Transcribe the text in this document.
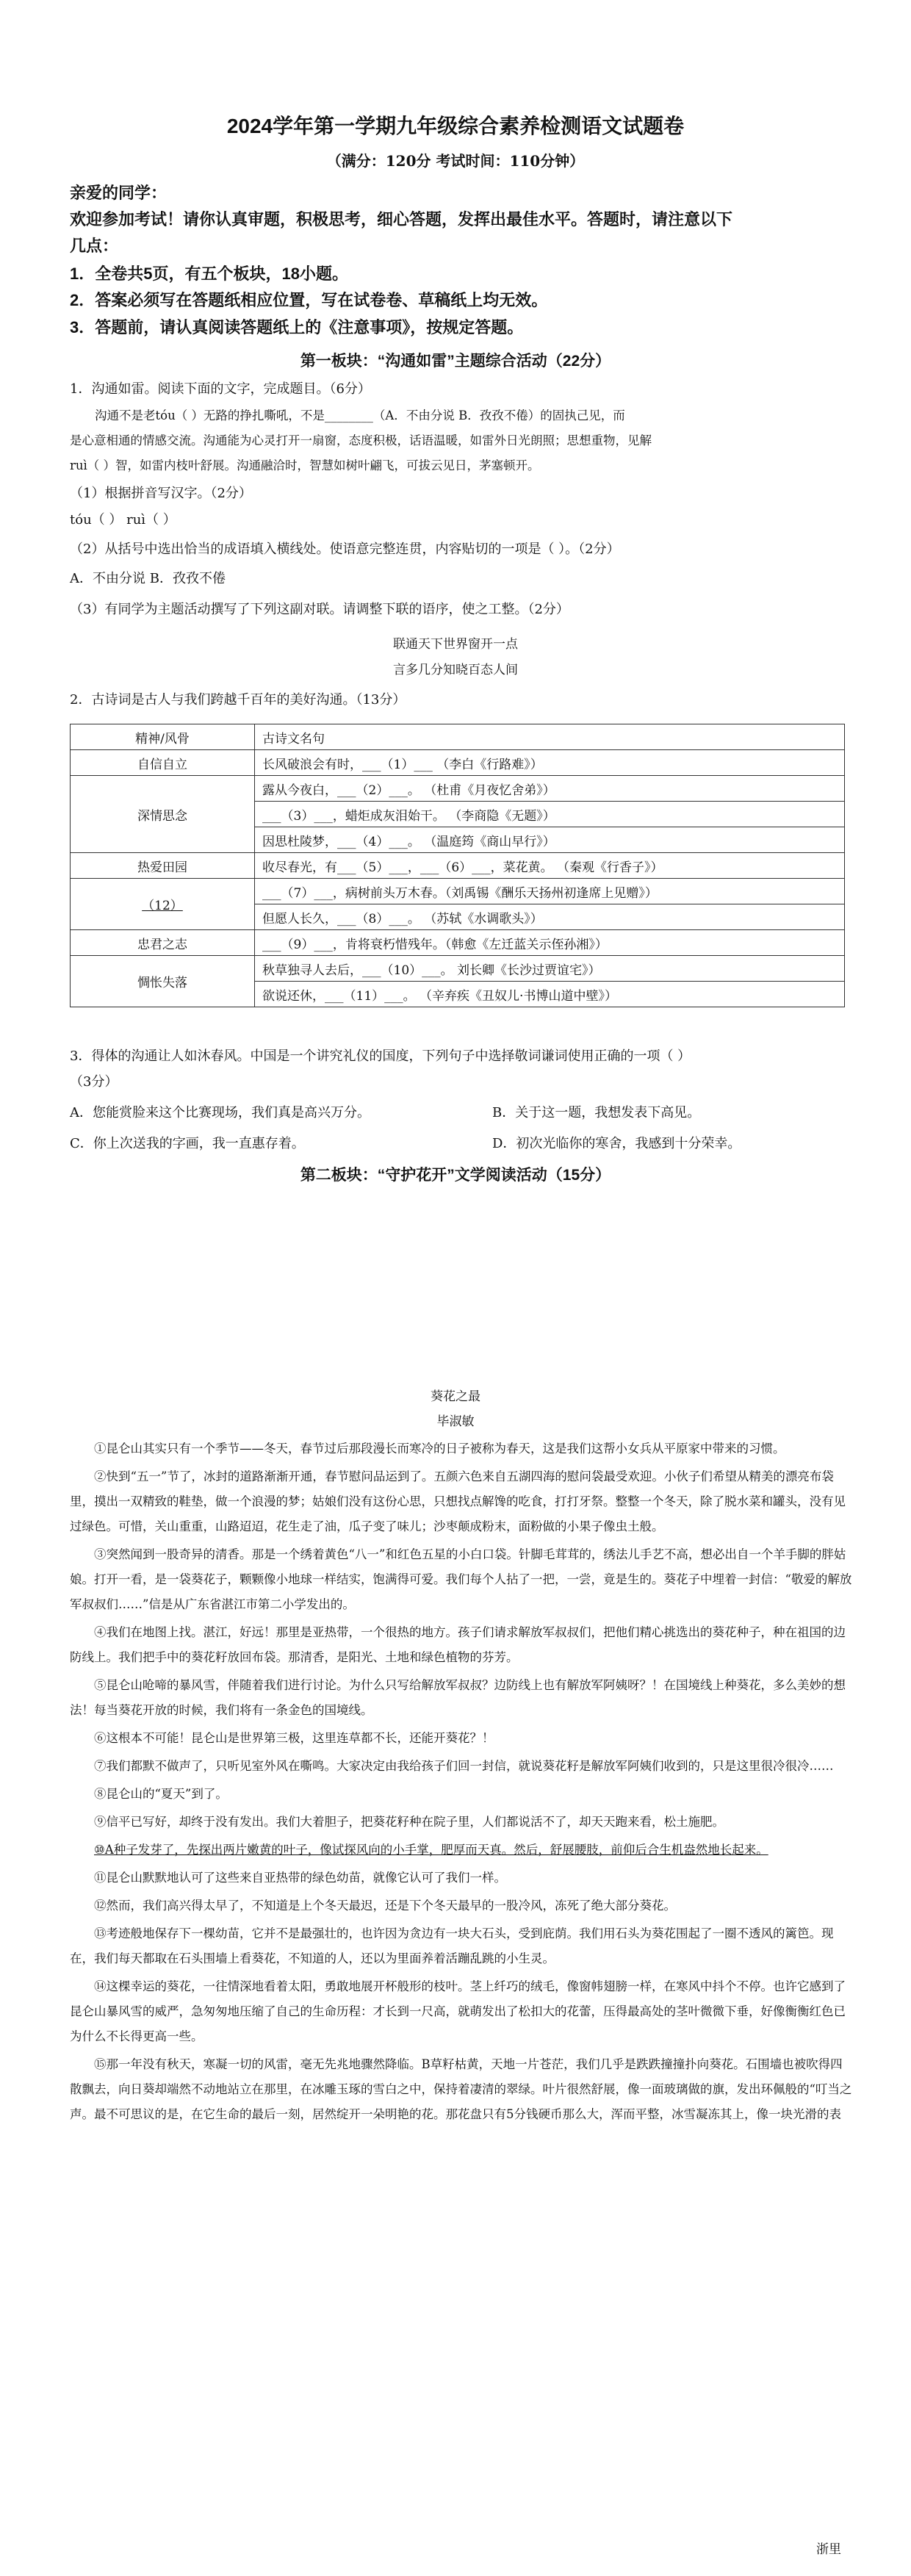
2024学年第一学期九年级综合素养检测语文试题卷
（满分：120分 考试时间：110分钟）
亲爱的同学：
欢迎参加考试！请你认真审题，积极思考，细心答题，发挥出最佳水平。答题时，请注意以下
几点：
1．全卷共5页，有五个板块，18小题。
2．答案必须写在答题纸相应位置，写在试卷卷、草稿纸上均无效。
3．答题前，请认真阅读答题纸上的《注意事项》，按规定答题。
第一板块：“沟通如雷”主题综合活动（22分）
1．沟通如雷。阅读下面的文字，完成题目。（6分）
沟通不是老tóu（ ）无路的挣扎嘶吼，不是________（A．不由分说 B．孜孜不倦）的固执己见，而
是心意相通的情感交流。沟通能为心灵打开一扇窗，态度积极，话语温暖，如雷外日光朗照；思想重物，见解
ruì（ ）智，如雷内枝叶舒展。沟通融洽时，智慧如树叶翩飞，可拔云见日，茅塞顿开。
（1）根据拼音写汉字。（2分）
tóu（ ） ruì（ ）
（2）从括号中选出恰当的成语填入横线处。使语意完整连贯，内容贴切的一项是（ ）。（2分）
A．不由分说 B．孜孜不倦
（3）有同学为主题活动撰写了下列这副对联。请调整下联的语序，使之工整。（2分）
联通天下世界窗开一点
言多几分知晓百态人间
2．古诗词是古人与我们跨越千百年的美好沟通。（13分）
精神/风骨	古诗文名句
自信自立	长风破浪会有时，___（1）___ （李白《行路难》）
深情思念	露从今夜白，___（2）___。 （杜甫《月夜忆舍弟》）
	___（3）___，蜡炬成灰泪始干。 （李商隐《无题》）
	因思杜陵梦，___（4）___。 （温庭筠《商山早行》）
热爱田园	收尽春光，有___（5）___，___（6）___，菜花黄。 （秦观《行香子》）
（12）	___（7）___，病树前头万木春。（刘禹锡《酬乐天扬州初逢席上见赠》）
	但愿人长久，___（8）___。 （苏轼《水调歌头》）
忠君之志	___（9）___，肯将衰朽惜残年。（韩愈《左迁蓝关示侄孙湘》）
惆怅失落	秋草独寻人去后，___（10）___。 刘长卿《长沙过贾谊宅》）
	欲说还休，___（11）___。 （辛弃疾《丑奴儿·书博山道中壁》）
3．得体的沟通让人如沐春风。中国是一个讲究礼仪的国度，下列句子中选择敬词谦词使用正确的一项（ ）
（3分）
A．您能赏脸来这个比赛现场，我们真是高兴万分。	B．关于这一题，我想发表下高见。
C．你上次送我的字画，我一直惠存着。	D．初次光临你的寒舍，我感到十分荣幸。
第二板块：“守护花开”文学阅读活动（15分）
葵花之最
毕淑敏

①昆仑山其实只有一个季节——冬天，春节过后那段漫长而寒冷的日子被称为春天，这是我们这帮小女兵从平原家中带来的习惯。

②快到“五一”节了，冰封的道路渐渐开通，春节慰问品运到了。五颜六色来自五湖四海的慰问袋最受欢迎。小伙子们希望从精美的漂亮布袋里，摸出一双精致的鞋垫，做一个浪漫的梦；姑娘们没有这份心思，只想找点解馋的吃食，打打牙祭。整整一个冬天，除了脱水菜和罐头，没有见过绿色。可惜，关山重重，山路迢迢，花生走了油，瓜子变了味儿；沙枣颠成粉末，面粉做的小果子像虫土般。

③突然闻到一股奇异的清香。那是一个绣着黄色“八一”和红色五星的小白口袋。针脚毛茸茸的，绣法儿手艺不高，想必出自一个羊手脚的胖姑娘。打开一看，是一袋葵花子，颗颗像小地球一样结实，饱满得可爱。我们每个人拈了一把，一尝，竟是生的。葵花子中埋着一封信：“敬爱的解放军叔叔们……”信是从广东省湛江市第二小学发出的。

④我们在地图上找。湛江，好远！那里是亚热带，一个很热的地方。孩子们请求解放军叔叔们，把他们精心挑选出的葵花种子，种在祖国的边防线上。我们把手中的葵花籽放回布袋。那清香，是阳光、土地和绿色植物的芬芳。

⑤昆仑山呛啼的暴风雪，伴随着我们进行讨论。为什么只写给解放军叔叔？边防线上也有解放军阿姨呀？！在国境线上种葵花，多么美妙的想法！每当葵花开放的时候，我们将有一条金色的国境线。

⑥这根本不可能！昆仑山是世界第三极，这里连草都不长，还能开葵花？！

⑦我们都默不做声了，只听见室外风在嘶鸣。大家决定由我给孩子们回一封信，就说葵花籽是解放军阿姨们收到的，只是这里很冷很冷……

⑧昆仑山的“夏天”到了。

⑨信平已写好，却终于没有发出。我们大着胆子，把葵花籽种在院子里，人们都说活不了，却天天跑来看，松土施肥。

⑩A种子发芽了，先探出两片嫩黄的叶子，像试探风向的小手掌，肥厚而天真。然后，舒展腰肢，前仰后合生机盎然地长起来。

⑪昆仑山默默地认可了这些来自亚热带的绿色幼苗，就像它认可了我们一样。

⑫然而，我们高兴得太早了，不知道是上个冬天最迟，还是下个冬天最早的一股冷风，冻死了绝大部分葵花。

⑬考迹般地保存下一棵幼苗，它并不是最强壮的，也许因为贪边有一块大石头，受到庇荫。我们用石头为葵花围起了一圈不透风的篱笆。现在，我们每天都取在石头围墙上看葵花，不知道的人，还以为里面养着活蹦乱跳的小生灵。

⑭这棵幸运的葵花，一往情深地看着太阳，勇敢地展开杯般形的枝叶。茎上纤巧的绒毛，像窗帏翅膀一样，在寒风中抖个不停。也许它感到了昆仑山暴风雪的威严，急匆匆地压缩了自己的生命历程：才长到一尺高，就萌发出了松扣大的花蕾，压得最高处的茎叶微微下垂，好像衡衡红色已为什么不长得更高一些。

⑮那一年没有秋天，寒凝一切的风雷，毫无先兆地骤然降临。B草籽枯黄，天地一片苍茫，我们几乎是跌跌撞撞扑向葵花。石围墙也被吹得四散飘去，向日葵却端然不动地站立在那里，在冰雕玉琢的雪白之中，保持着凄清的翠绿。叶片很然舒展，像一面玻璃做的旗，发出环佩般的“叮当之声。最不可思议的是，在它生命的最后一刻，居然绽开一朵明艳的花。那花盘只有5分钱硬币那么大，浑而平整，冰雪凝冻其上，像一块光滑的表

浙里
